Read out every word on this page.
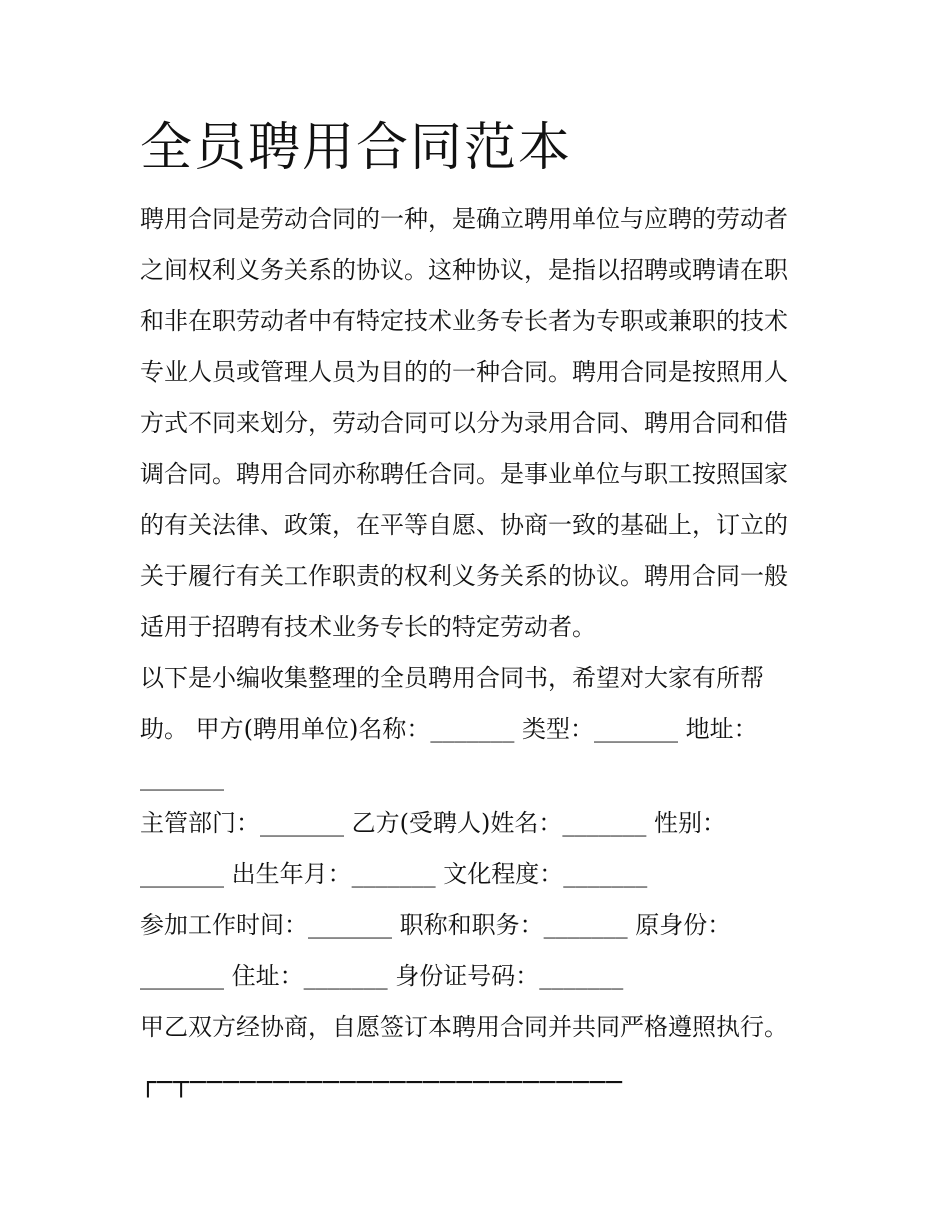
全员聘用合同范本
聘用合同是劳动合同的一种，是确立聘用单位与应聘的劳动者
之间权利义务关系的协议。这种协议，是指以招聘或聘请在职
和非在职劳动者中有特定技术业务专长者为专职或兼职的技术
专业人员或管理人员为目的的一种合同。聘用合同是按照用人
方式不同来划分，劳动合同可以分为录用合同、聘用合同和借
调合同。聘用合同亦称聘任合同。是事业单位与职工按照国家
的有关法律、政策，在平等自愿、协商一致的基础上，订立的
关于履行有关工作职责的权利义务关系的协议。聘用合同一般
适用于招聘有技术业务专长的特定劳动者。
以下是小编收集整理的全员聘用合同书，希望对大家有所帮
助。 甲方(聘用单位)名称：_______ 类型：_______ 地址：
_______
主管部门：_______ 乙方(受聘人)姓名：_______ 性别：
_______ 出生年月：_______ 文化程度：_______
参加工作时间：_______ 职称和职务：_______ 原身份：
_______ 住址：_______ 身份证号码：_______
甲乙双方经协商，自愿签订本聘用合同并共同严格遵照执行。
┌─┬──────────────────────────
